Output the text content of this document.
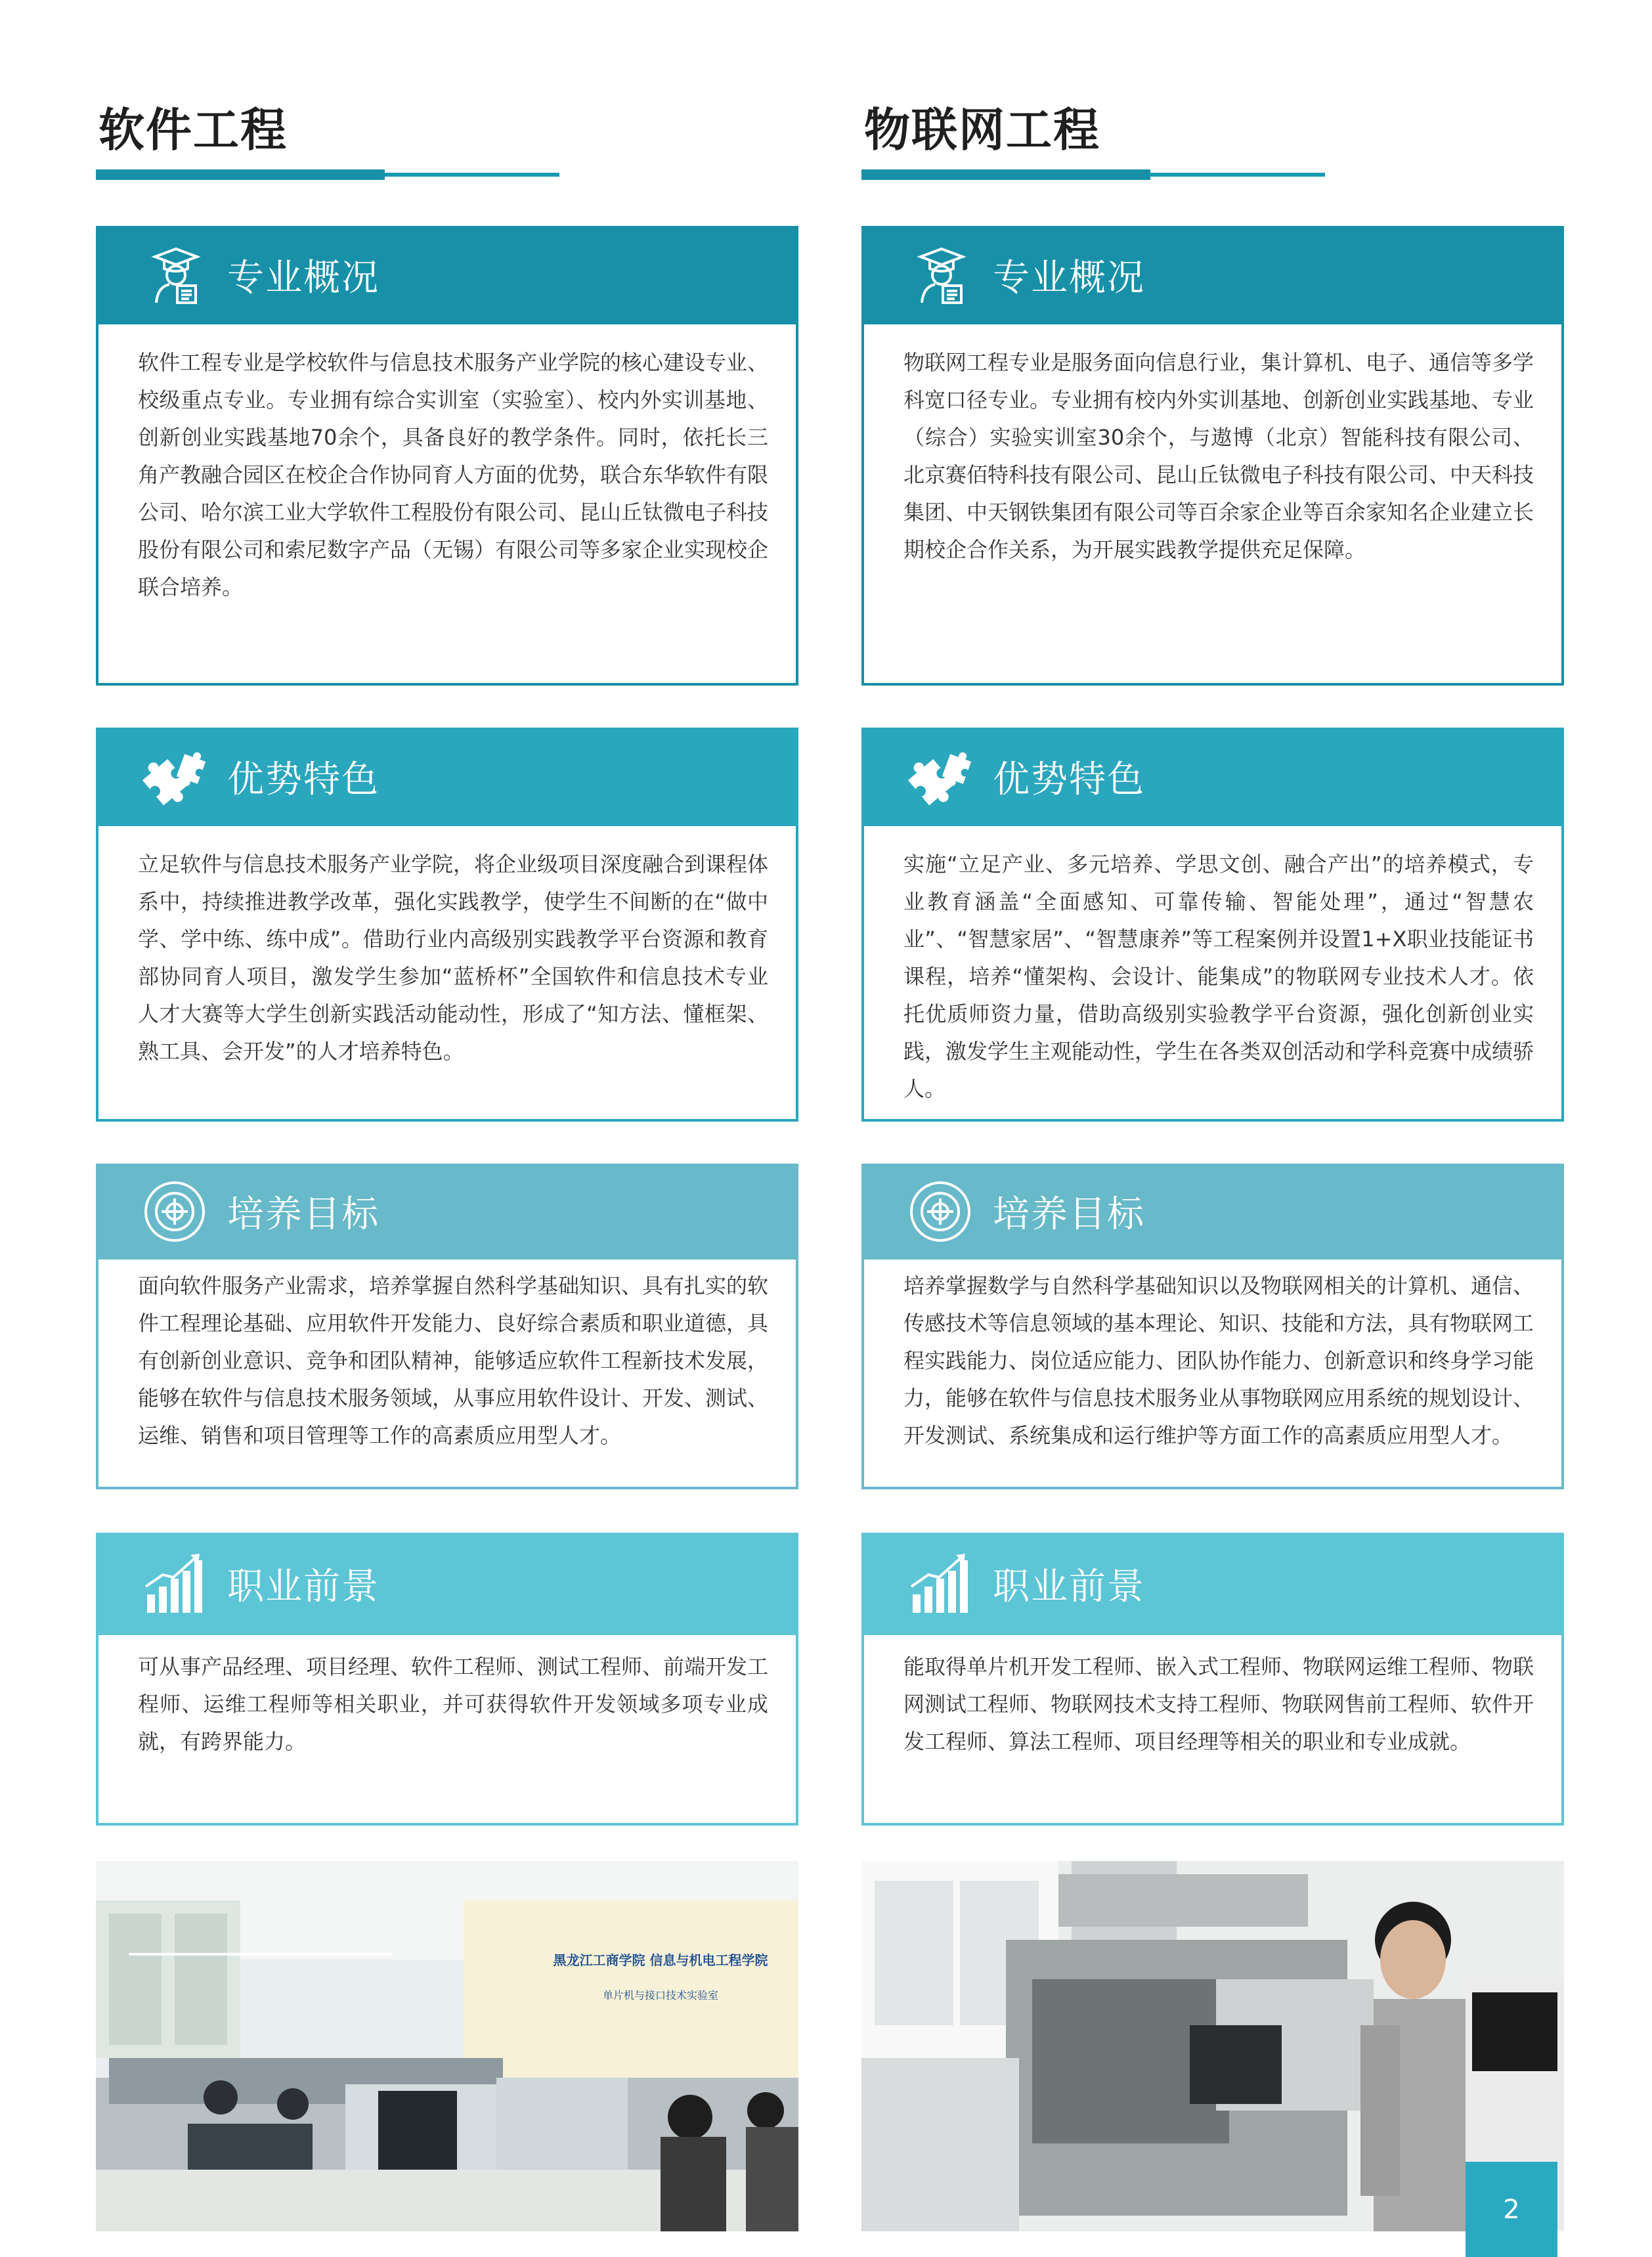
软件工程
专业概况
软件工程专业是学校软件与信息技术服务产业学院的核心建设专业、校级重点专业。专业拥有综合实训室（实验室）、校内外实训基地、创新创业实践基地70余个，具备良好的教学条件。同时，依托长三角产教融合园区在校企合作协同育人方面的优势，联合东华软件有限公司、哈尔滨工业大学软件工程股份有限公司、昆山丘钛微电子科技股份有限公司和索尼数字产品（无锡）有限公司等多家企业实现校企联合培养。
优势特色
立足软件与信息技术服务产业学院，将企业级项目深度融合到课程体系中，持续推进教学改革，强化实践教学，使学生不间断的在“做中学、学中练、练中成”。借助行业内高级别实践教学平台资源和教育部协同育人项目，激发学生参加“蓝桥杯”全国软件和信息技术专业人才大赛等大学生创新实践活动能动性，形成了“知方法、懂框架、熟工具、会开发”的人才培养特色。
培养目标
面向软件服务产业需求，培养掌握自然科学基础知识、具有扎实的软件工程理论基础、应用软件开发能力、良好综合素质和职业道德，具有创新创业意识、竞争和团队精神，能够适应软件工程新技术发展，能够在软件与信息技术服务领域，从事应用软件设计、开发、测试、运维、销售和项目管理等工作的高素质应用型人才。
职业前景
可从事产品经理、项目经理、软件工程师、测试工程师、前端开发工程师、运维工程师等相关职业，并可获得软件开发领域多项专业成就，有跨界能力。
黑龙江工商学院 信息与机电工程学院
单片机与接口技术实验室
物联网工程
专业概况
物联网工程专业是服务面向信息行业，集计算机、电子、通信等多学科宽口径专业。专业拥有校内外实训基地、创新创业实践基地、专业（综合）实验实训室30余个，与遨博（北京）智能科技有限公司、北京赛佰特科技有限公司、昆山丘钛微电子科技有限公司、中天科技集团、中天钢铁集团有限公司等百余家企业等百余家知名企业建立长期校企合作关系，为开展实践教学提供充足保障。
优势特色
实施“立足产业、多元培养、学思文创、融合产出”的培养模式，专业教育涵盖“全面感知、可靠传输、智能处理”，通过“智慧农业”、“智慧家居”、“智慧康养”等工程案例并设置1+X职业技能证书课程，培养“懂架构、会设计、能集成”的物联网专业技术人才。依托优质师资力量，借助高级别实验教学平台资源，强化创新创业实践，激发学生主观能动性，学生在各类双创活动和学科竞赛中成绩骄人。
培养目标
培养掌握数学与自然科学基础知识以及物联网相关的计算机、通信、传感技术等信息领域的基本理论、知识、技能和方法，具有物联网工程实践能力、岗位适应能力、团队协作能力、创新意识和终身学习能力，能够在软件与信息技术服务业从事物联网应用系统的规划设计、开发测试、系统集成和运行维护等方面工作的高素质应用型人才。
职业前景
能取得单片机开发工程师、嵌入式工程师、物联网运维工程师、物联网测试工程师、物联网技术支持工程师、物联网售前工程师、软件开发工程师、算法工程师、项目经理等相关的职业和专业成就。
2
